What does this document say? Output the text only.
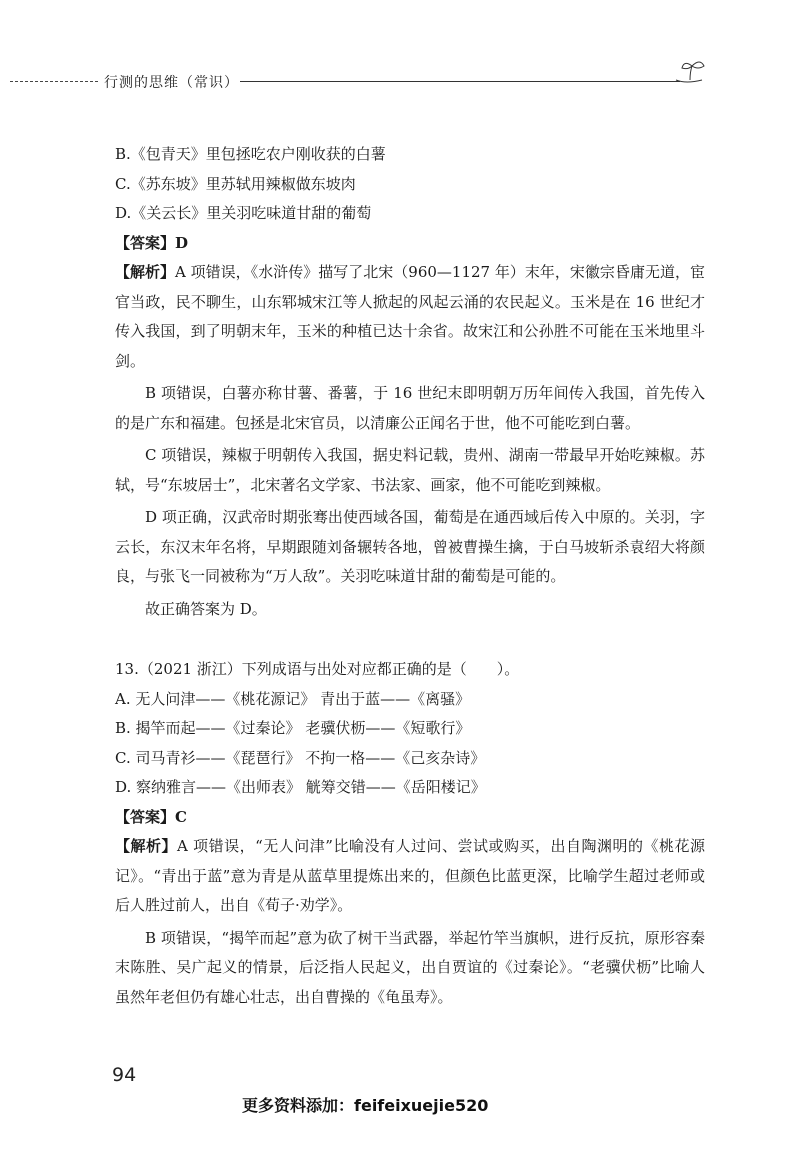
行测的思维（常识）

B.《包青天》里包拯吃农户刚收获的白薯

C.《苏东坡》里苏轼用辣椒做东坡肉

D.《关云长》里关羽吃味道甘甜的葡萄

【答案】D

【解析】A 项错误，《水浒传》描写了北宋（960—1127 年）末年，宋徽宗昏庸无道，宦官当政，民不聊生，山东郓城宋江等人掀起的风起云涌的农民起义。玉米是在 16 世纪才传入我国，到了明朝末年，玉米的种植已达十余省。故宋江和公孙胜不可能在玉米地里斗剑。

B 项错误，白薯亦称甘薯、番薯，于 16 世纪末即明朝万历年间传入我国，首先传入的是广东和福建。包拯是北宋官员，以清廉公正闻名于世，他不可能吃到白薯。

C 项错误，辣椒于明朝传入我国，据史料记载，贵州、湖南一带最早开始吃辣椒。苏轼，号“东坡居士”，北宋著名文学家、书法家、画家，他不可能吃到辣椒。

D 项正确，汉武帝时期张骞出使西域各国，葡萄是在通西域后传入中原的。关羽，字云长，东汉末年名将，早期跟随刘备辗转各地，曾被曹操生擒，于白马坡斩杀袁绍大将颜良，与张飞一同被称为“万人敌”。关羽吃味道甘甜的葡萄是可能的。

故正确答案为 D。

13.（2021 浙江）下列成语与出处对应都正确的是（　　）。

A. 无人问津——《桃花源记》 青出于蓝——《离骚》

B. 揭竿而起——《过秦论》 老骥伏枥——《短歌行》

C. 司马青衫——《琵琶行》 不拘一格——《己亥杂诗》

D. 察纳雅言——《出师表》 觥筹交错——《岳阳楼记》

【答案】C

【解析】A 项错误，“无人问津”比喻没有人过问、尝试或购买，出自陶渊明的《桃花源记》。“青出于蓝”意为青是从蓝草里提炼出来的，但颜色比蓝更深，比喻学生超过老师或后人胜过前人，出自《荀子·劝学》。

B 项错误，“揭竿而起”意为砍了树干当武器，举起竹竿当旗帜，进行反抗，原形容秦末陈胜、吴广起义的情景，后泛指人民起义，出自贾谊的《过秦论》。“老骥伏枥”比喻人虽然年老但仍有雄心壮志，出自曹操的《龟虽寿》。

94
更多资料添加：feifeixuejie520
